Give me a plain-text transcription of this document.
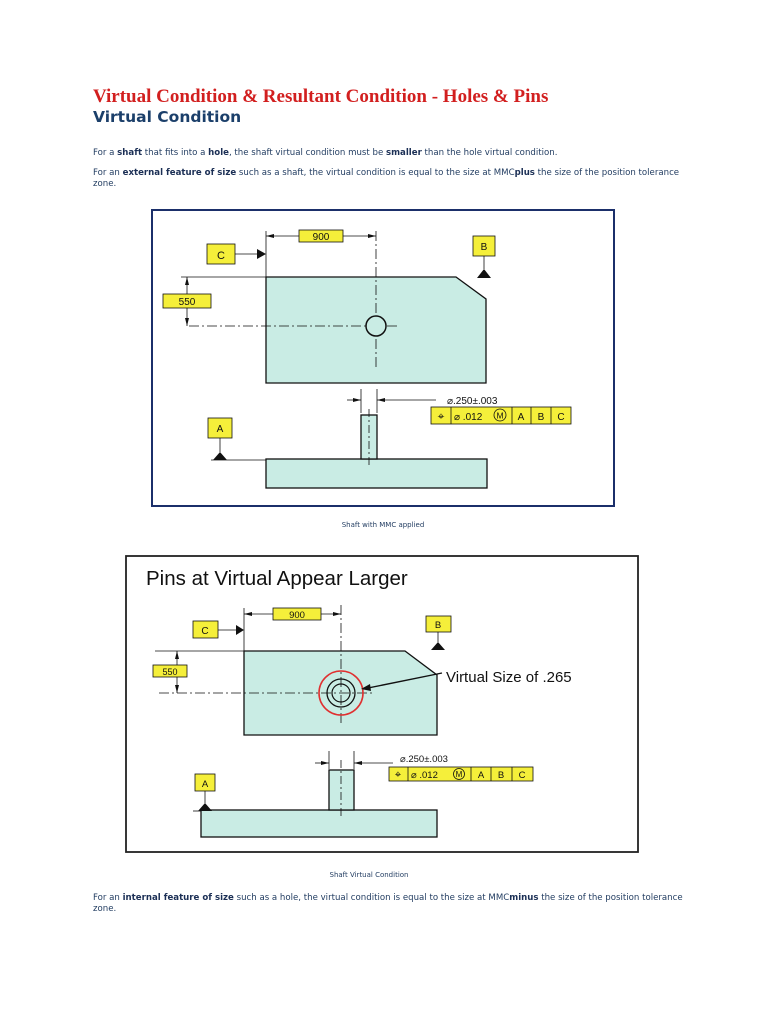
Virtual Condition & Resultant Condition - Holes & Pins
Virtual Condition

For a shaft that fits into a hole, the shaft virtual condition must be smaller than the hole virtual condition.

For an external feature of size such as a shaft, the virtual condition is equal to the size at MMCplus the size of the position tolerance zone.

900
550
C
B
⌀.250±.003
⌖ ⌀ .012 M A B C
A
Shaft with MMC applied
Pins at Virtual Appear Larger
Virtual Size of .265
900
550
C
B
⌀.250±.003
⌖ ⌀ .012 M A B C
A
Shaft Virtual Condition

For an internal feature of size such as a hole, the virtual condition is equal to the size at MMCminus the size of the position tolerance zone.
